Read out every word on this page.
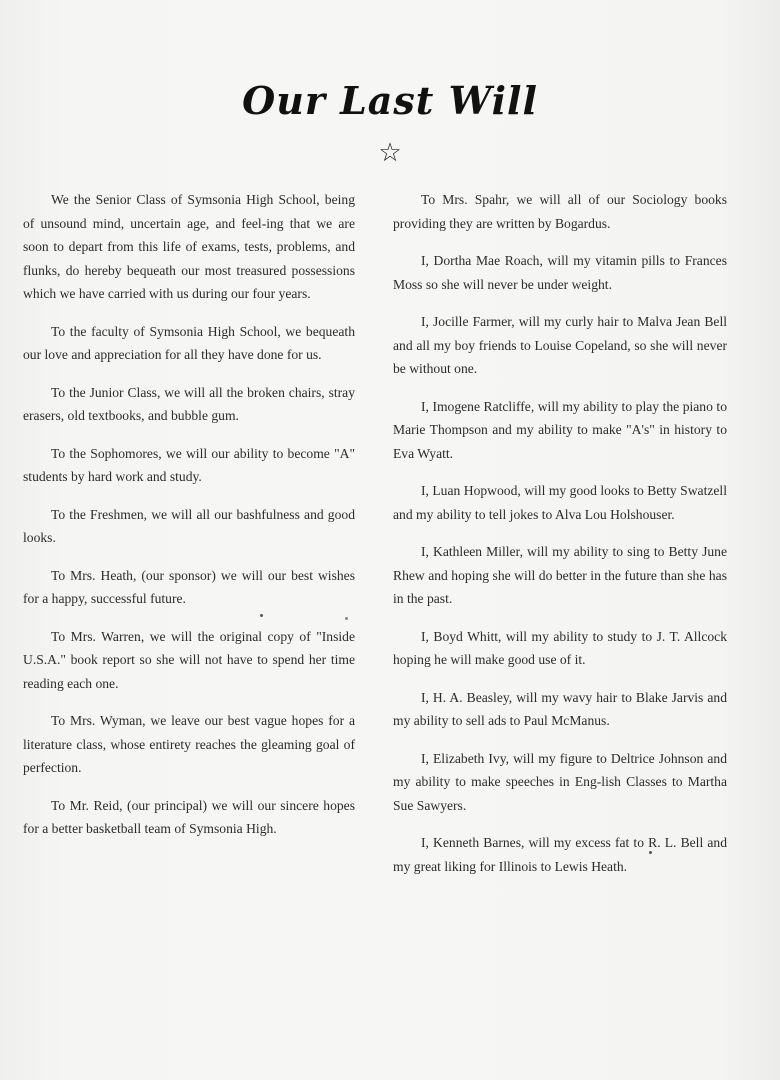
Our Last Will
☆

We the Senior Class of Symsonia High School, being of unsound mind, uncertain age, and feel-ing that we are soon to depart from this life of exams, tests, problems, and flunks, do hereby bequeath our most treasured possessions which we have carried with us during our four years.

To the faculty of Symsonia High School, we bequeath our love and appreciation for all they have done for us.

To the Junior Class, we will all the broken chairs, stray erasers, old textbooks, and bubble gum.

To the Sophomores, we will our ability to become "A" students by hard work and study.

To the Freshmen, we will all our bashfulness and good looks.

To Mrs. Heath, (our sponsor) we will our best wishes for a happy, successful future.

To Mrs. Warren, we will the original copy of "Inside U.S.A." book report so she will not have to spend her time reading each one.

To Mrs. Wyman, we leave our best vague hopes for a literature class, whose entirety reaches the gleaming goal of perfection.

To Mr. Reid, (our principal) we will our sincere hopes for a better basketball team of Symsonia High.

To Mrs. Spahr, we will all of our Sociology books providing they are written by Bogardus.

I, Dortha Mae Roach, will my vitamin pills to Frances Moss so she will never be under weight.

I, Jocille Farmer, will my curly hair to Malva Jean Bell and all my boy friends to Louise Copeland, so she will never be without one.

I, Imogene Ratcliffe, will my ability to play the piano to Marie Thompson and my ability to make "A's" in history to Eva Wyatt.

I, Luan Hopwood, will my good looks to Betty Swatzell and my ability to tell jokes to Alva Lou Holshouser.

I, Kathleen Miller, will my ability to sing to Betty June Rhew and hoping she will do better in the future than she has in the past.

I, Boyd Whitt, will my ability to study to J. T. Allcock hoping he will make good use of it.

I, H. A. Beasley, will my wavy hair to Blake Jarvis and my ability to sell ads to Paul McManus.

I, Elizabeth Ivy, will my figure to Deltrice Johnson and my ability to make speeches in Eng-lish Classes to Martha Sue Sawyers.

I, Kenneth Barnes, will my excess fat to R. L. Bell and my great liking for Illinois to Lewis Heath.
